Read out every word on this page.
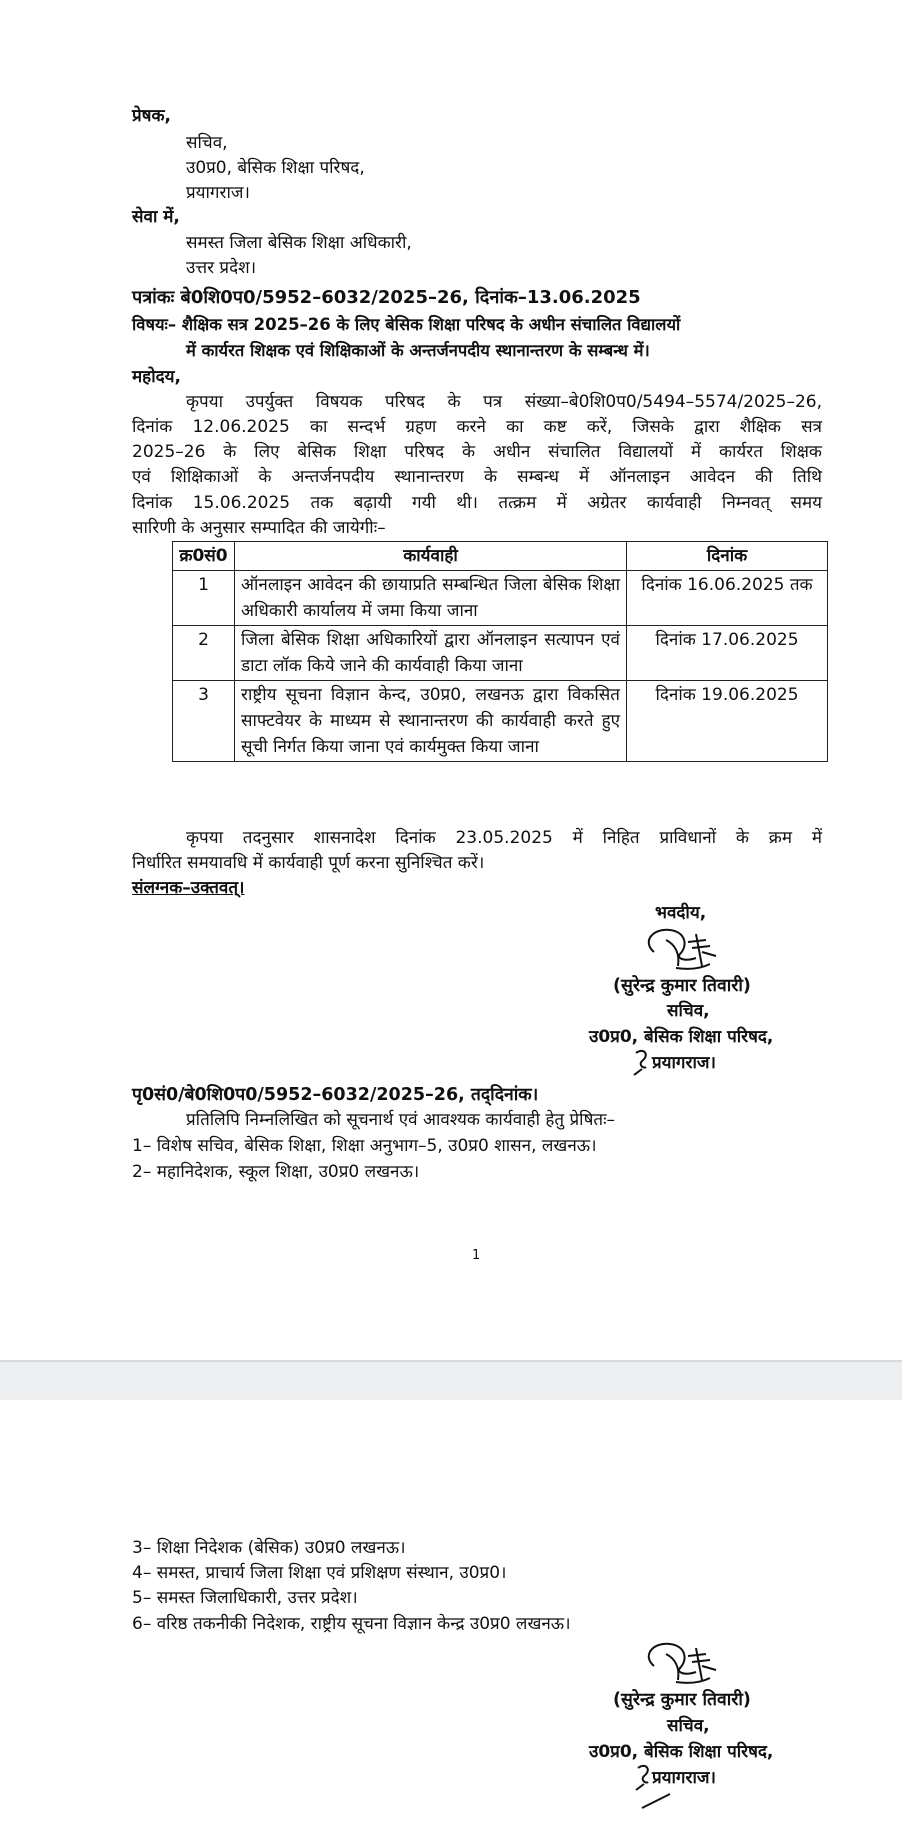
प्रेषक,
सचिव,
उ0प्र0, बेसिक शिक्षा परिषद,
प्रयागराज।
सेवा में,
समस्त जिला बेसिक शिक्षा अधिकारी,
उत्तर प्रदेश।
पत्रांकः बे0शि0प0/5952–6032/2025–26, दिनांक–13.06.2025
विषयः– शैक्षिक सत्र 2025–26 के लिए बेसिक शिक्षा परिषद के अधीन संचालित विद्यालयों
में कार्यरत शिक्षक एवं शिक्षिकाओं के अन्तर्जनपदीय स्थानान्तरण के सम्बन्ध में।
महोदय,
कृपया उपर्युक्त विषयक परिषद के पत्र संख्या–बे0शि0प0/5494–5574/2025–26,
दिनांक 12.06.2025 का सन्दर्भ ग्रहण करने का कष्ट करें, जिसके द्वारा शैक्षिक सत्र
2025–26 के लिए बेसिक शिक्षा परिषद के अधीन संचालित विद्यालयों में कार्यरत शिक्षक
एवं शिक्षिकाओं के अन्तर्जनपदीय स्थानान्तरण के सम्बन्ध में ऑनलाइन आवेदन की तिथि
दिनांक 15.06.2025 तक बढ़ायी गयी थी। तत्क्रम में अग्रेतर कार्यवाही निम्नवत् समय
सारिणी के अनुसार सम्पादित की जायेगीः–
क्र0सं0	कार्यवाही	दिनांक
1	ऑनलाइन आवेदन की छायाप्रति सम्बन्धित जिला बेसिक शिक्षा अधिकारी कार्यालय में जमा किया जाना	दिनांक 16.06.2025 तक
2	जिला बेसिक शिक्षा अधिकारियों द्वारा ऑनलाइन सत्यापन एवं डाटा लॉक किये जाने की कार्यवाही किया जाना	दिनांक 17.06.2025
3	राष्ट्रीय सूचना विज्ञान केन्द, उ0प्र0, लखनऊ द्वारा विकसित साफ्टवेयर के माध्यम से स्थानान्तरण की कार्यवाही करते हुए सूची निर्गत किया जाना एवं कार्यमुक्त किया जाना	दिनांक 19.06.2025
कृपया तदनुसार शासनादेश दिनांक 23.05.2025 में निहित प्राविधानों के क्रम में
निर्धारित समयावधि में कार्यवाही पूर्ण करना सुनिश्चित करें।
संलग्नक–उक्तवत्।
भवदीय,
(सुरेन्द्र कुमार तिवारी)
सचिव,
उ0प्र0, बेसिक शिक्षा परिषद,
प्रयागराज।
पृ0सं0/बे0शि0प0/5952–6032/2025–26, तद्‌दिनांक।
प्रतिलिपि निम्नलिखित को सूचनार्थ एवं आवश्यक कार्यवाही हेतु प्रेषितः–
1– विशेष सचिव, बेसिक शिक्षा, शिक्षा अनुभाग–5, उ0प्र0 शासन, लखनऊ।
2– महानिदेशक, स्कूल शिक्षा, उ0प्र0 लखनऊ।
1
3– शिक्षा निदेशक (बेसिक) उ0प्र0 लखनऊ।
4– समस्त, प्राचार्य जिला शिक्षा एवं प्रशिक्षण संस्थान, उ0प्र0।
5– समस्त जिलाधिकारी, उत्तर प्रदेश।
6– वरिष्ठ तकनीकी निदेशक, राष्ट्रीय सूचना विज्ञान केन्द्र उ0प्र0 लखनऊ।
(सुरेन्द्र कुमार तिवारी)
सचिव,
उ0प्र0, बेसिक शिक्षा परिषद,
प्रयागराज।
